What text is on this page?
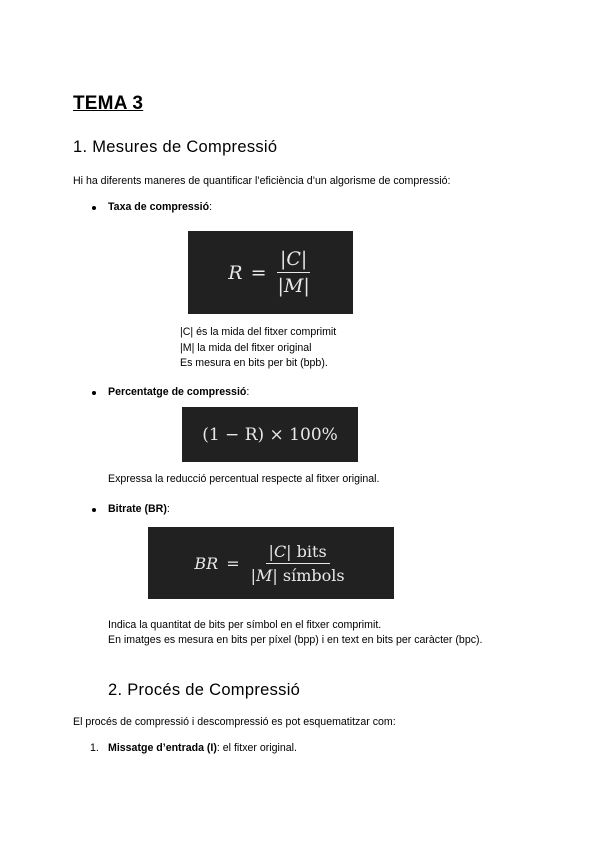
TEMA 3
1. Mesures de Compressió
Hi ha diferents maneres de quantificar l’eficiència d’un algorisme de compressió:
Taxa de compressió:
$R = \frac{|C|}{|M|}$
|C| és la mida del fitxer comprimit
|M| la mida del fitxer original
Es mesura en bits per bit (bpb).
Percentatge de compressió:
(1 − R) × 100%
Expressa la reducció percentual respecte al fitxer original.
Bitrate (BR):
BR = $\frac{\text{|C| bits}}{\text{|M| símbols}}$
Indica la quantitat de bits per símbol en el fitxer comprimit.
En imatges es mesura en bits per píxel (bpp) i en text en bits per caràcter (bpc).
2. Procés de Compressió
El procés de compressió i descompressió es pot esquematitzar com:
1. Missatge d’entrada (I): el fitxer original.
